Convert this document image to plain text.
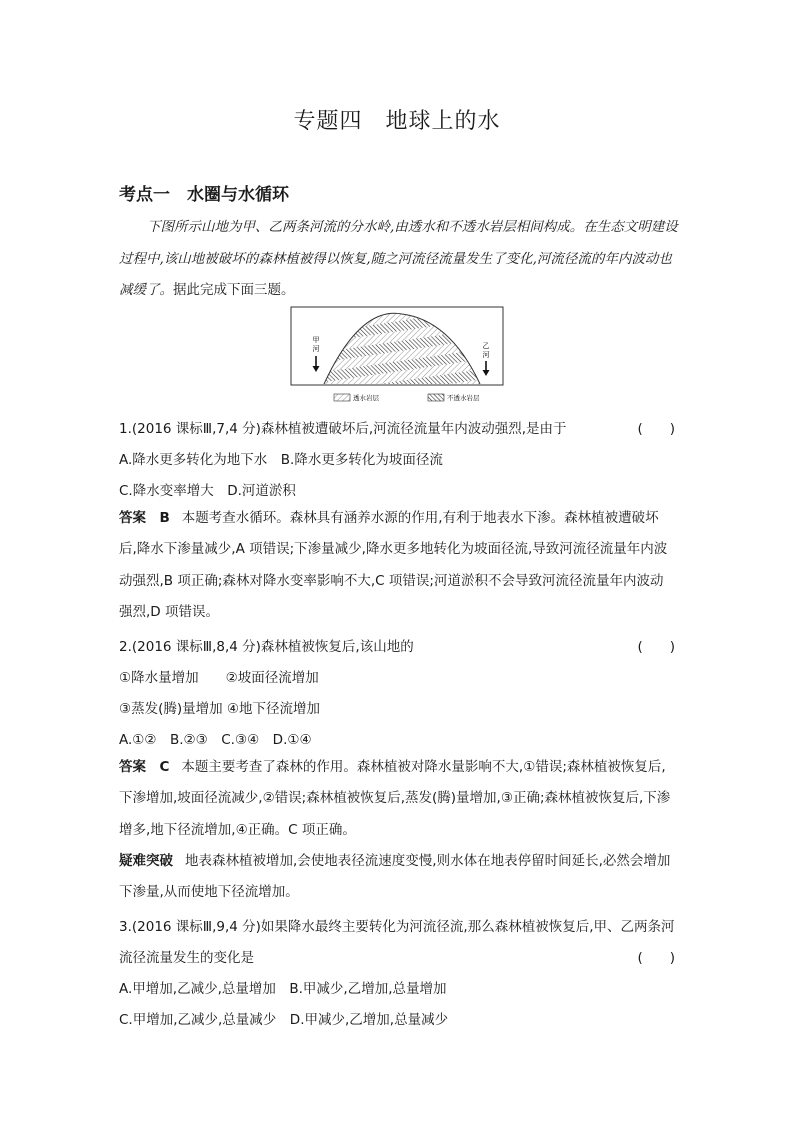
专题四　地球上的水
考点一　水圈与水循环
下图所示山地为甲、乙两条河流的分水岭,由透水和不透水岩层相间构成。在生态文明建设过程中,该山地被破坏的森林植被得以恢复,随之河流径流量发生了变化,河流径流的年内波动也减缓了。据此完成下面三题。
甲
河	乙
河
透水岩层	不透水岩层
1.(2016 课标Ⅲ,7,4 分)森林植被遭破坏后,河流径流量年内波动强烈,是由于	(　　)
A.降水更多转化为地下水　B.降水更多转化为坡面径流
C.降水变率增大　D.河道淤积
答案　B 本题考查水循环。森林具有涵养水源的作用,有利于地表水下渗。森林植被遭破坏后,降水下渗量减少,A 项错误;下渗量减少,降水更多地转化为坡面径流,导致河流径流量年内波动强烈,B 项正确;森林对降水变率影响不大,C 项错误;河道淤积不会导致河流径流量年内波动强烈,D 项错误。
2.(2016 课标Ⅲ,8,4 分)森林植被恢复后,该山地的	(　　)
①降水量增加　　②坡面径流增加
③蒸发(腾)量增加 ④地下径流增加
A.①②　B.②③　C.③④　D.①④
答案　C 本题主要考查了森林的作用。森林植被对降水量影响不大,①错误;森林植被恢复后,下渗增加,坡面径流减少,②错误;森林植被恢复后,蒸发(腾)量增加,③正确;森林植被恢复后,下渗增多,地下径流增加,④正确。C 项正确。
疑难突破 地表森林植被增加,会使地表径流速度变慢,则水体在地表停留时间延长,必然会增加下渗量,从而使地下径流增加。
3.(2016 课标Ⅲ,9,4 分)如果降水最终主要转化为河流径流,那么森林植被恢复后,甲、乙两条河
流径流量发生的变化是	(　　)
A.甲增加,乙减少,总量增加　B.甲减少,乙增加,总量增加
C.甲增加,乙减少,总量减少　D.甲减少,乙增加,总量减少
